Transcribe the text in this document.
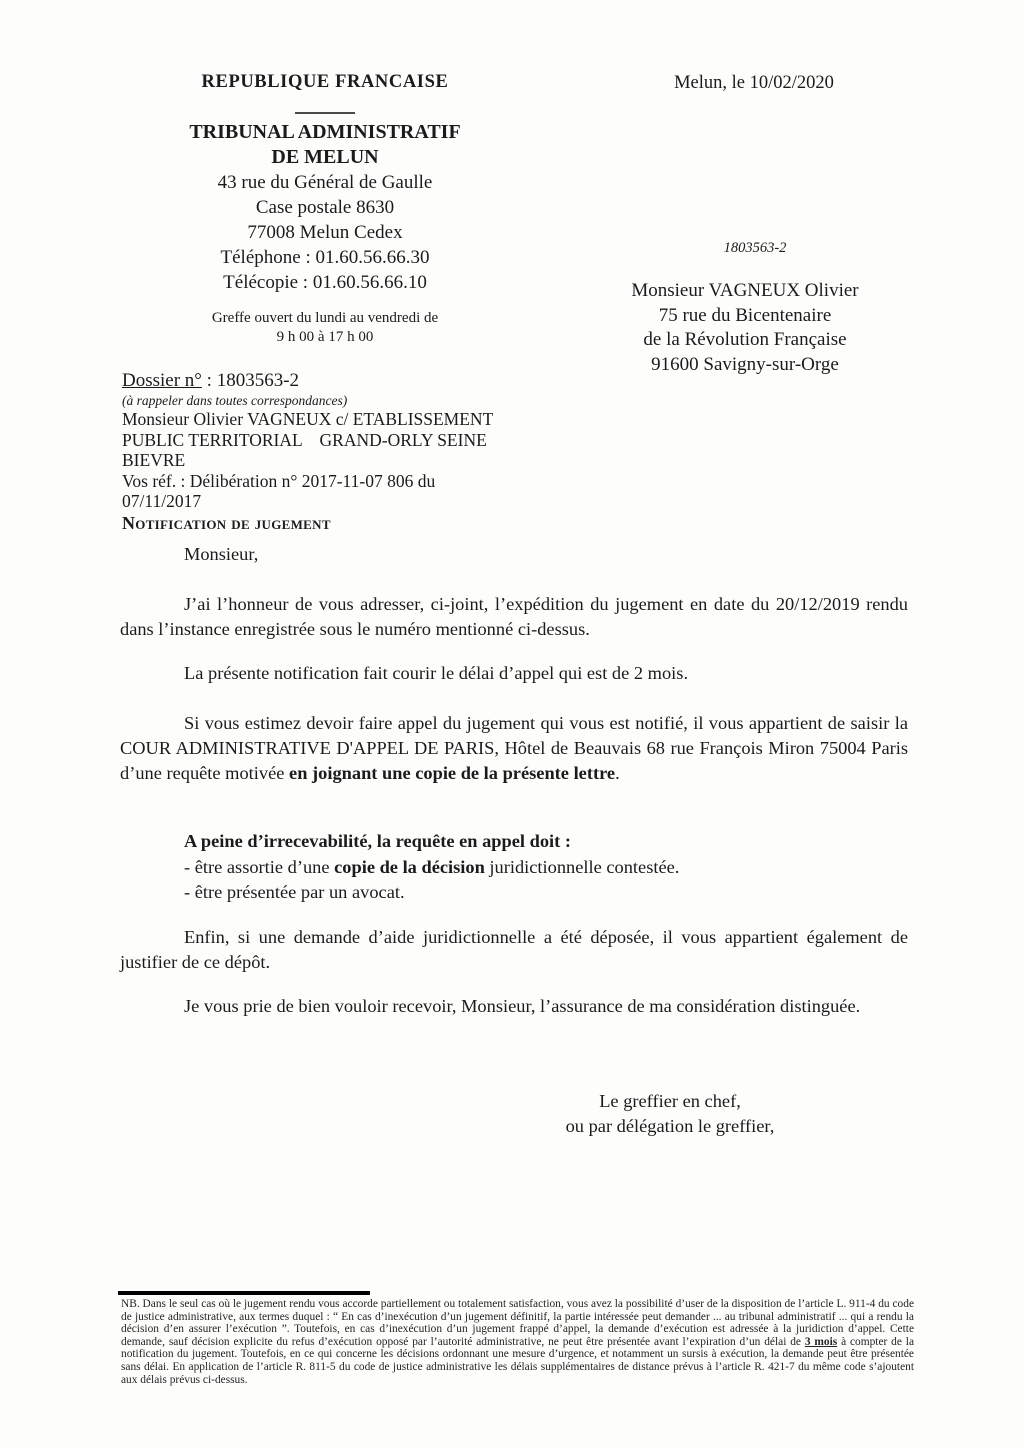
REPUBLIQUE FRANCAISE
TRIBUNAL ADMINISTRATIF
DE MELUN
43 rue du Général de Gaulle
Case postale 8630
77008 Melun Cedex
Téléphone : 01.60.56.66.30
Télécopie : 01.60.56.66.10
Greffe ouvert du lundi au vendredi de
9 h 00 à 17 h 00
Melun, le 10/02/2020
1803563-2
Monsieur VAGNEUX Olivier
75 rue du Bicentenaire
de la Révolution Française
91600 Savigny-sur-Orge
Dossier n° : 1803563-2
(à rappeler dans toutes correspondances)
Monsieur Olivier VAGNEUX c/ ETABLISSEMENT
PUBLIC TERRITORIAL    GRAND-ORLY SEINE
BIEVRE
Vos réf. : Délibération n° 2017-11-07 806 du
07/11/2017
Notification de jugement

Monsieur,

J’ai l’honneur de vous adresser, ci-joint, l’expédition du jugement en date du 20/12/2019 rendu dans l’instance enregistrée sous le numéro mentionné ci-dessus.

La présente notification fait courir le délai d’appel qui est de 2 mois.

Si vous estimez devoir faire appel du jugement qui vous est notifié, il vous appartient de saisir la COUR ADMINISTRATIVE D'APPEL DE PARIS, Hôtel de Beauvais 68 rue François Miron 75004 Paris d’une requête motivée en joignant une copie de la présente lettre.

A peine d’irrecevabilité, la requête en appel doit :

- être assortie d’une copie de la décision juridictionnelle contestée.

- être présentée par un avocat.

Enfin, si une demande d’aide juridictionnelle a été déposée, il vous appartient également de justifier de ce dépôt.

Je vous prie de bien vouloir recevoir, Monsieur, l’assurance de ma considération distinguée.

Le greffier en chef,
ou par délégation le greffier,
NB. Dans le seul cas où le jugement rendu vous accorde partiellement ou totalement satisfaction, vous avez la possibilité d’user de la disposition de l’article L. 911-4 du code de justice administrative, aux termes duquel : “ En cas d’inexécution d’un jugement définitif, la partie intéressée peut demander ... au tribunal administratif ... qui a rendu la décision d’en assurer l’exécution ”. Toutefois, en cas d’inexécution d’un jugement frappé d’appel, la demande d’exécution est adressée à la juridiction d’appel. Cette demande, sauf décision explicite du refus d’exécution opposé par l’autorité administrative, ne peut être présentée avant l’expiration d’un délai de 3 mois à compter de la notification du jugement. Toutefois, en ce qui concerne les décisions ordonnant une mesure d’urgence, et notamment un sursis à exécution, la demande peut être présentée sans délai. En application de l’article R. 811-5 du code de justice administrative les délais supplémentaires de distance prévus à l’article R. 421-7 du même code s’ajoutent aux délais prévus ci-dessus.
